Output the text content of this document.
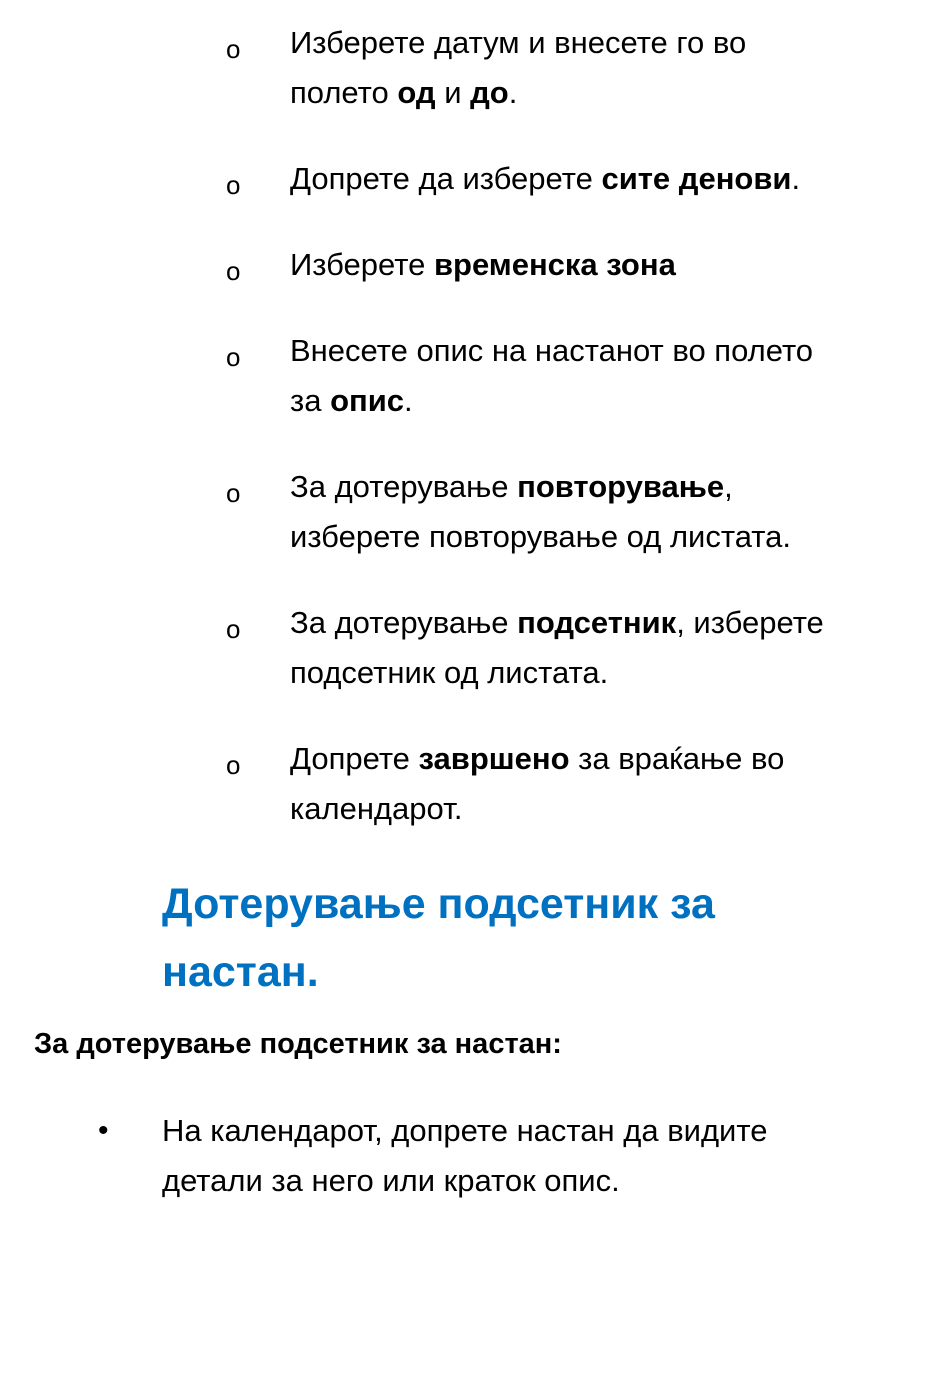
o Изберете датум и внесете го во полето од и до.
o Допрете да изберете сите денови.
o Изберете временска зона
o Внесете опис на настанот во полето за опис.
o За дотерување повторување, изберете повторување од листата.
o За дотерување подсетник, изберете подсетник од листата.
o Допрете завршено за враќање во календарот.
Дотерување подсетник за настан.
За дотерување подсетник за настан:
• На календарот, допрете настан да видите детали за него или краток опис.
